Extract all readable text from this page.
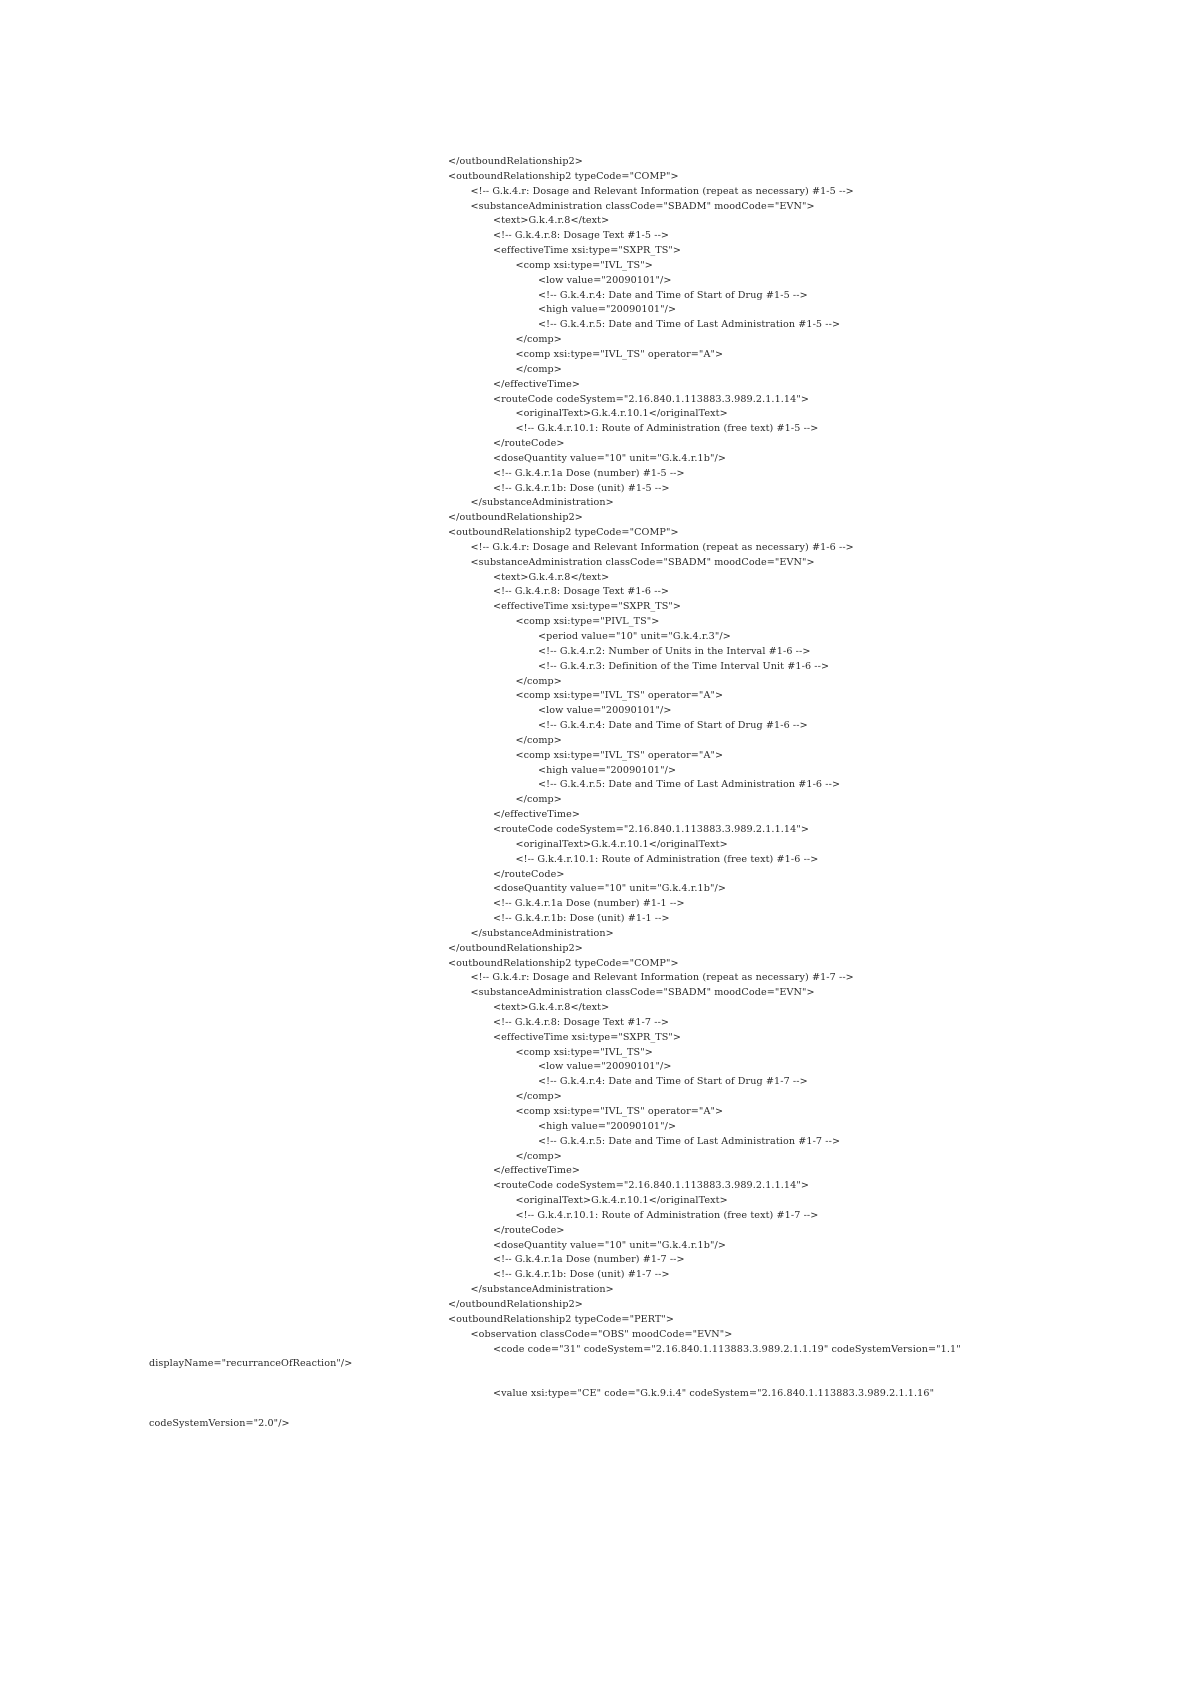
</outboundRelationship2>
<outboundRelationship2 typeCode="COMP">
<!-- G.k.4.r: Dosage and Relevant Information (repeat as necessary) #1-5 -->
<substanceAdministration classCode="SBADM" moodCode="EVN">
<text>G.k.4.r.8</text>
<!-- G.k.4.r.8: Dosage Text #1-5 -->
<effectiveTime xsi:type="SXPR_TS">
<comp xsi:type="IVL_TS">
<low value="20090101"/>
<!-- G.k.4.r.4: Date and Time of Start of Drug #1-5 -->
<high value="20090101"/>
<!-- G.k.4.r.5: Date and Time of Last Administration #1-5 -->
</comp>
<comp xsi:type="IVL_TS" operator="A">
</comp>
</effectiveTime>
<routeCode codeSystem="2.16.840.1.113883.3.989.2.1.1.14">
<originalText>G.k.4.r.10.1</originalText>
<!-- G.k.4.r.10.1: Route of Administration (free text) #1-5 -->
</routeCode>
<doseQuantity value="10" unit="G.k.4.r.1b"/>
<!-- G.k.4.r.1a Dose (number) #1-5 -->
<!-- G.k.4.r.1b: Dose (unit) #1-5 -->
</substanceAdministration>
</outboundRelationship2>
<outboundRelationship2 typeCode="COMP">
<!-- G.k.4.r: Dosage and Relevant Information (repeat as necessary) #1-6 -->
<substanceAdministration classCode="SBADM" moodCode="EVN">
<text>G.k.4.r.8</text>
<!-- G.k.4.r.8: Dosage Text #1-6 -->
<effectiveTime xsi:type="SXPR_TS">
<comp xsi:type="PIVL_TS">
<period value="10" unit="G.k.4.r.3"/>
<!-- G.k.4.r.2: Number of Units in the Interval #1-6 -->
<!-- G.k.4.r.3: Definition of the Time Interval Unit #1-6 -->
</comp>
<comp xsi:type="IVL_TS" operator="A">
<low value="20090101"/>
<!-- G.k.4.r.4: Date and Time of Start of Drug #1-6 -->
</comp>
<comp xsi:type="IVL_TS" operator="A">
<high value="20090101"/>
<!-- G.k.4.r.5: Date and Time of Last Administration #1-6 -->
</comp>
</effectiveTime>
<routeCode codeSystem="2.16.840.1.113883.3.989.2.1.1.14">
<originalText>G.k.4.r.10.1</originalText>
<!-- G.k.4.r.10.1: Route of Administration (free text) #1-6 -->
</routeCode>
<doseQuantity value="10" unit="G.k.4.r.1b"/>
<!-- G.k.4.r.1a Dose (number) #1-1 -->
<!-- G.k.4.r.1b: Dose (unit) #1-1 -->
</substanceAdministration>
</outboundRelationship2>
<outboundRelationship2 typeCode="COMP">
<!-- G.k.4.r: Dosage and Relevant Information (repeat as necessary) #1-7 -->
<substanceAdministration classCode="SBADM" moodCode="EVN">
<text>G.k.4.r.8</text>
<!-- G.k.4.r.8: Dosage Text #1-7 -->
<effectiveTime xsi:type="SXPR_TS">
<comp xsi:type="IVL_TS">
<low value="20090101"/>
<!-- G.k.4.r.4: Date and Time of Start of Drug #1-7 -->
</comp>
<comp xsi:type="IVL_TS" operator="A">
<high value="20090101"/>
<!-- G.k.4.r.5: Date and Time of Last Administration #1-7 -->
</comp>
</effectiveTime>
<routeCode codeSystem="2.16.840.1.113883.3.989.2.1.1.14">
<originalText>G.k.4.r.10.1</originalText>
<!-- G.k.4.r.10.1: Route of Administration (free text) #1-7 -->
</routeCode>
<doseQuantity value="10" unit="G.k.4.r.1b"/>
<!-- G.k.4.r.1a Dose (number) #1-7 -->
<!-- G.k.4.r.1b: Dose (unit) #1-7 -->
</substanceAdministration>
</outboundRelationship2>
<outboundRelationship2 typeCode="PERT">
<observation classCode="OBS" moodCode="EVN">
<code code="31" codeSystem="2.16.840.1.113883.3.989.2.1.1.19" codeSystemVersion="1.1"
displayName="recurranceOfReaction"/>

<value xsi:type="CE" code="G.k.9.i.4" codeSystem="2.16.840.1.113883.3.989.2.1.1.16"

codeSystemVersion="2.0"/>
